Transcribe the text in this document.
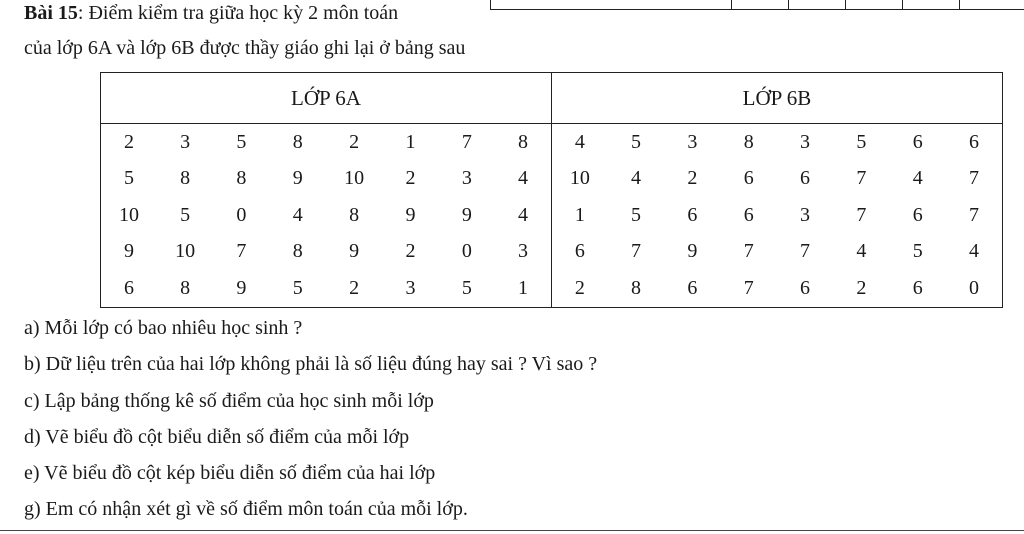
Bài 15: Điểm kiểm tra giữa học kỳ 2 môn toán
của lớp 6A và lớp 6B được thầy giáo ghi lại ở bảng sau
LỚP 6A								LỚP 6B							
2	3	5	8	2	1	7	8	4	5	3	8	3	5	6	6
5	8	8	9	10	2	3	4	10	4	2	6	6	7	4	7
10	5	0	4	8	9	9	4	1	5	6	6	3	7	6	7
9	10	7	8	9	2	0	3	6	7	9	7	7	4	5	4
6	8	9	5	2	3	5	1	2	8	6	7	6	2	6	0
a) Mỗi lớp có bao nhiêu học sinh ?
b) Dữ liệu trên của hai lớp không phải là số liệu đúng hay sai ? Vì sao ?
c) Lập bảng thống kê số điểm của học sinh mỗi lớp
d) Vẽ biểu đồ cột biểu diễn số điểm của mỗi lớp
e) Vẽ biểu đồ cột kép biểu diễn số điểm của hai lớp
g) Em có nhận xét gì về số điểm môn toán của mỗi lớp.
